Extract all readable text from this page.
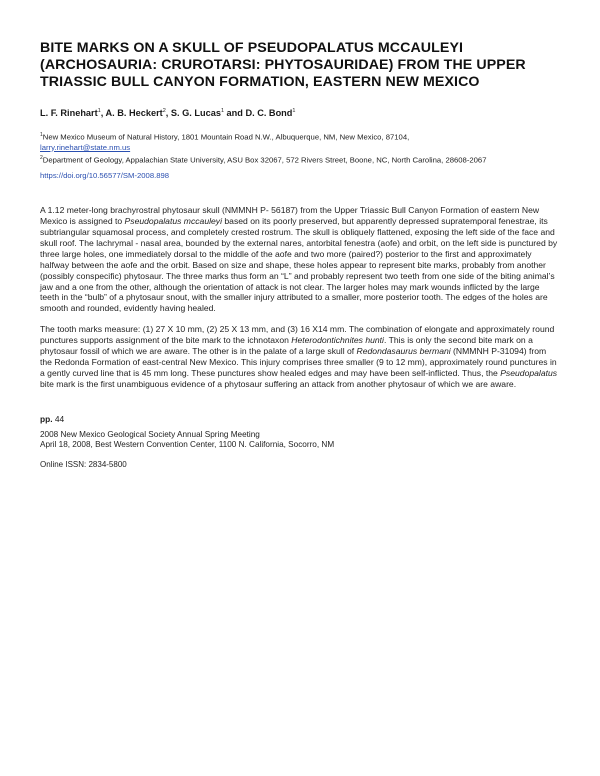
BITE MARKS ON A SKULL OF PSEUDOPALATUS MCCAULEYI (ARCHOSAURIA: CRUROTARSI: PHYTOSAURIDAE) FROM THE UPPER TRIASSIC BULL CANYON FORMATION, EASTERN NEW MEXICO
L. F. Rinehart$^1$, A. B. Heckert$^2$, S. G. Lucas$^1$ and D. C. Bond$^1$
$^1$New Mexico Museum of Natural History, 1801 Mountain Road N.W., Albuquerque, NM, New Mexico, 87104,
larry.rinehart@state.nm.us
$^2$Department of Geology, Appalachian State University, ASU Box 32067, 572 Rivers Street, Boone, NC, North Carolina, 28608-2067
https://doi.org/10.56577/SM-2008.898

A 1.12 meter-long brachyrostral phytosaur skull (NMMNH P- 56187) from the Upper Triassic Bull Canyon Formation of eastern New Mexico is assigned to Pseudopalatus mccauleyi based on its poorly preserved, but apparently depressed supratemporal fenestrae, its subtriangular squamosal process, and completely crested rostrum. The skull is obliquely flattened, exposing the left side of the face and skull roof. The lachrymal - nasal area, bounded by the external nares, antorbital fenestra (aofe) and orbit, on the left side is punctured by three large holes, one immediately dorsal to the middle of the aofe and two more (paired?) posterior to the first and approximately halfway between the aofe and the orbit. Based on size and shape, these holes appear to represent bite marks, probably from another (possibly conspecific) phytosaur. The three marks thus form an “L” and probably represent two teeth from one side of the biting animal’s jaw and a one from the other, although the orientation of attack is not clear. The larger holes may mark wounds inflicted by the large teeth in the “bulb” of a phytosaur snout, with the smaller injury attributed to a smaller, more posterior tooth. The edges of the holes are smooth and rounded, evidently having healed.

The tooth marks measure: (1) 27 X 10 mm, (2) 25 X 13 mm, and (3) 16 X14 mm. The combination of elongate and approximately round punctures supports assignment of the bite mark to the ichnotaxon Heterodontichnites hunti. This is only the second bite mark on a phytosaur fossil of which we are aware. The other is in the palate of a large skull of Redondasaurus bermani (NMMNH P-31094) from the Redonda Formation of east-central New Mexico. This injury comprises three smaller (9 to 12 mm), approximately round punctures in a gently curved line that is 45 mm long. These punctures show healed edges and may have been self-inflicted. Thus, the Pseudopalatus bite mark is the first unambiguous evidence of a phytosaur suffering an attack from another phytosaur of which we are aware.

pp. 44
2008 New Mexico Geological Society Annual Spring Meeting
April 18, 2008, Best Western Convention Center, 1100 N. California, Socorro, NM
Online ISSN: 2834-5800
